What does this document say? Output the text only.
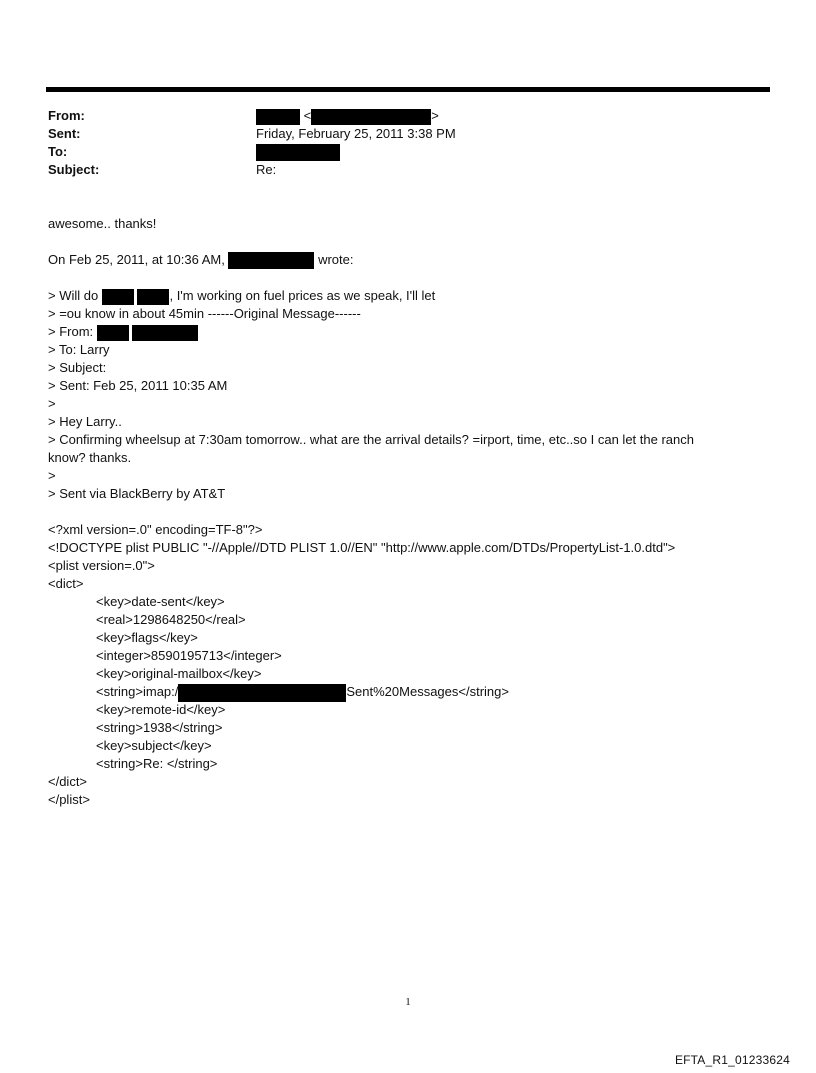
From:	<	>
Sent:	Friday, February 25, 2011 3:38 PM
To:
Subject:	Re:
awesome.. thanks!
On Feb 25, 2011, at 10:36 AM,	wrote:
> Will do	, I'm working on fuel prices as we speak, I'll let
> =ou know in about 45min ------Original Message------
> From:
> To: Larry
> Subject:
> Sent: Feb 25, 2011 10:35 AM
>
> Hey Larry..
> Confirming wheelsup at 7:30am tomorrow.. what are the arrival details? =irport, time, etc..so I can let the ranch
know? thanks.
>
> Sent via BlackBerry by AT&T
<?xml version=.0" encoding=TF-8"?>
<!DOCTYPE plist PUBLIC "-//Apple//DTD PLIST 1.0//EN" "http://www.apple.com/DTDs/PropertyList-1.0.dtd">
<plist version=.0">
<dict>
<key>date-sent</key>
<real>1298648250</real>
<key>flags</key>
<integer>8590195713</integer>
<key>original-mailbox</key>
<string>imap:/	Sent%20Messages</string>
<key>remote-id</key>
<string>1938</string>
<key>subject</key>
<string>Re: </string>
</dict>
</plist>
1
EFTA_R1_01233624
